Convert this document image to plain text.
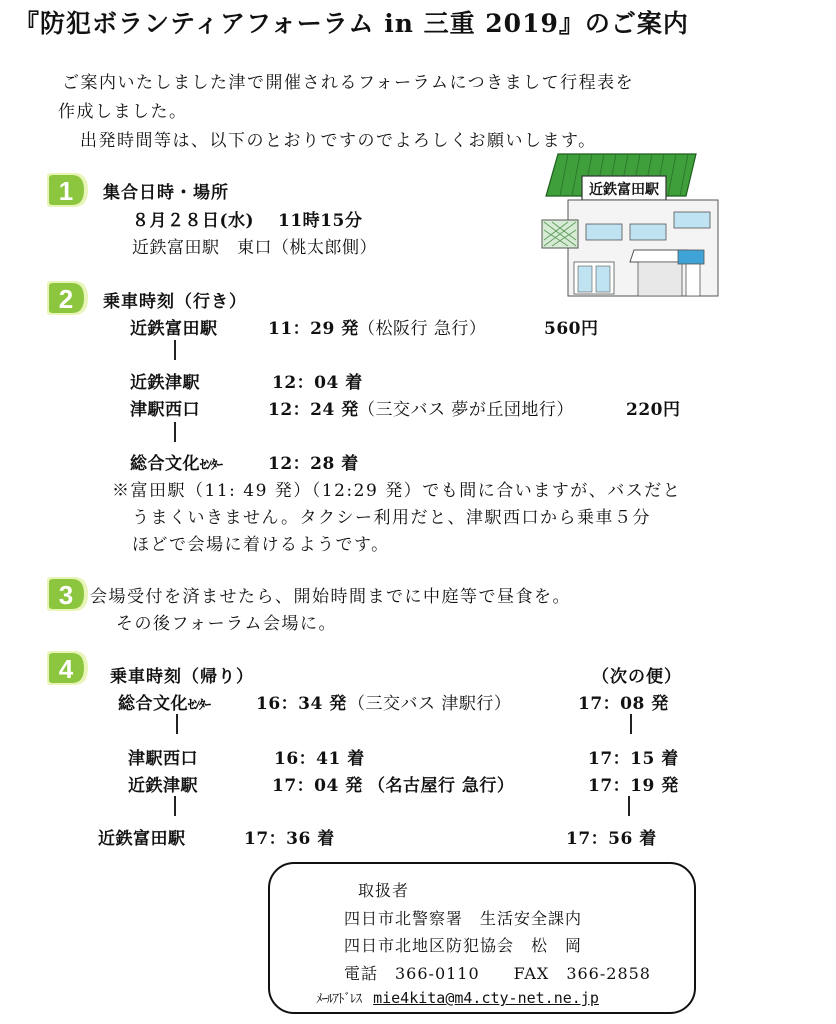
『防犯ボランティアフォーラム in 三重 2019』のご案内
ご案内いたしました津で開催されるフォーラムにつきまして行程表を
作成しました。
出発時間等は、以下のとおりですのでよろしくお願いします。
1
2
3
4
近鉄富田駅
集合日時・場所
８月２８日(水)　 11時15分
近鉄富田駅　東口（桃太郎側）
乗車時刻（行き）
近鉄富田駅	11：29 発 （松阪行 急行）	560円
近鉄津駅	12：04 着
津駅西口	12：24 発 （三交バス 夢が丘団地行）	220円
総合文化ｾﾝﾀｰ	12：28 着
※富田駅（11: 49 発）（12:29 発）でも間に合いますが、バスだと
うまくいきません。タクシー利用だと、津駅西口から乗車５分
ほどで会場に着けるようです。
会場受付を済ませたら、開始時間までに中庭等で昼食を。
その後フォーラム会場に。
乗車時刻（帰り）	（次の便）
総合文化ｾﾝﾀｰ	16：34 発 （三交バス 津駅行）	17：08 発
津駅西口	16：41 着	17：15 着
近鉄津駅	17：04 発 （名古屋行 急行）	17：19 発
近鉄富田駅	17：36 着	17：56 着
取扱者
四日市北警察署　生活安全課内
四日市北地区防犯協会　松　岡
電話　366-0110　　FAX　366-2858
ﾒｰﾙｱﾄﾞﾚｽ mie4kita@m4.cty-net.ne.jp
